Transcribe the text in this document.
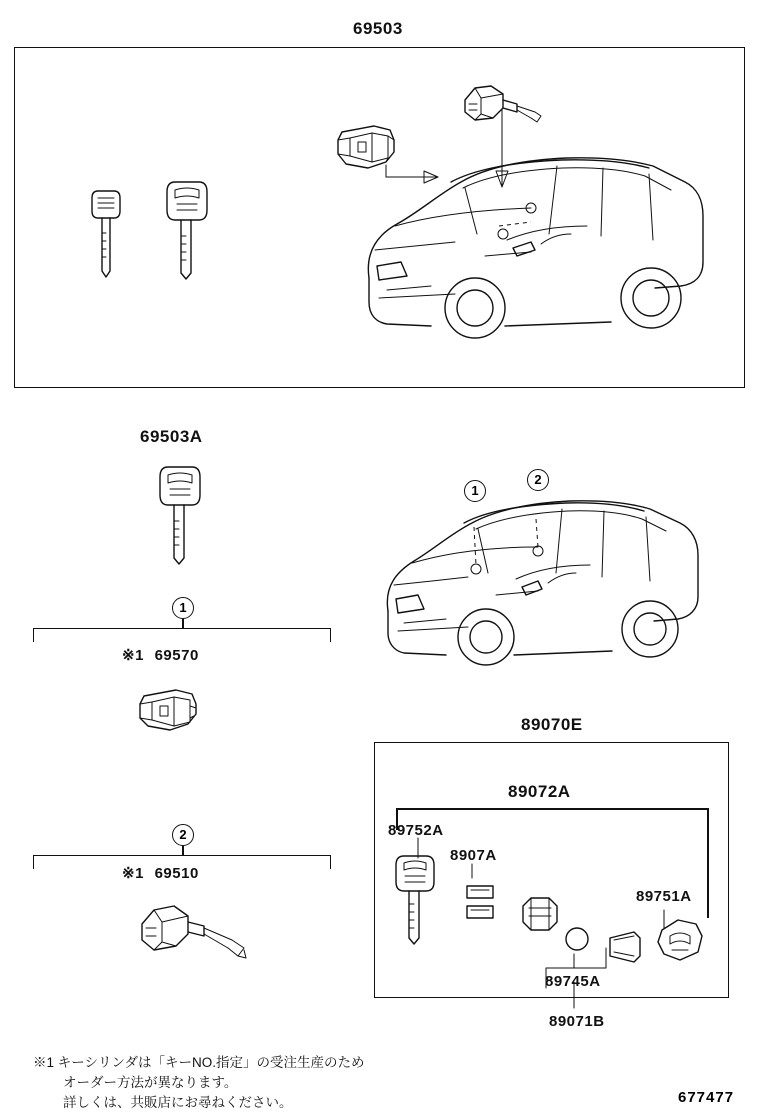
69503
69503A
1
※1 69570
2
※1 69510
1
2
89070E
89072A
89752A
8907A
89751A
89745A
89071B
※1 キーシリンダは「キーNO.指定」の受注生産のため
オーダー方法が異なります。
詳しくは、共販店にお尋ねください。	677477
